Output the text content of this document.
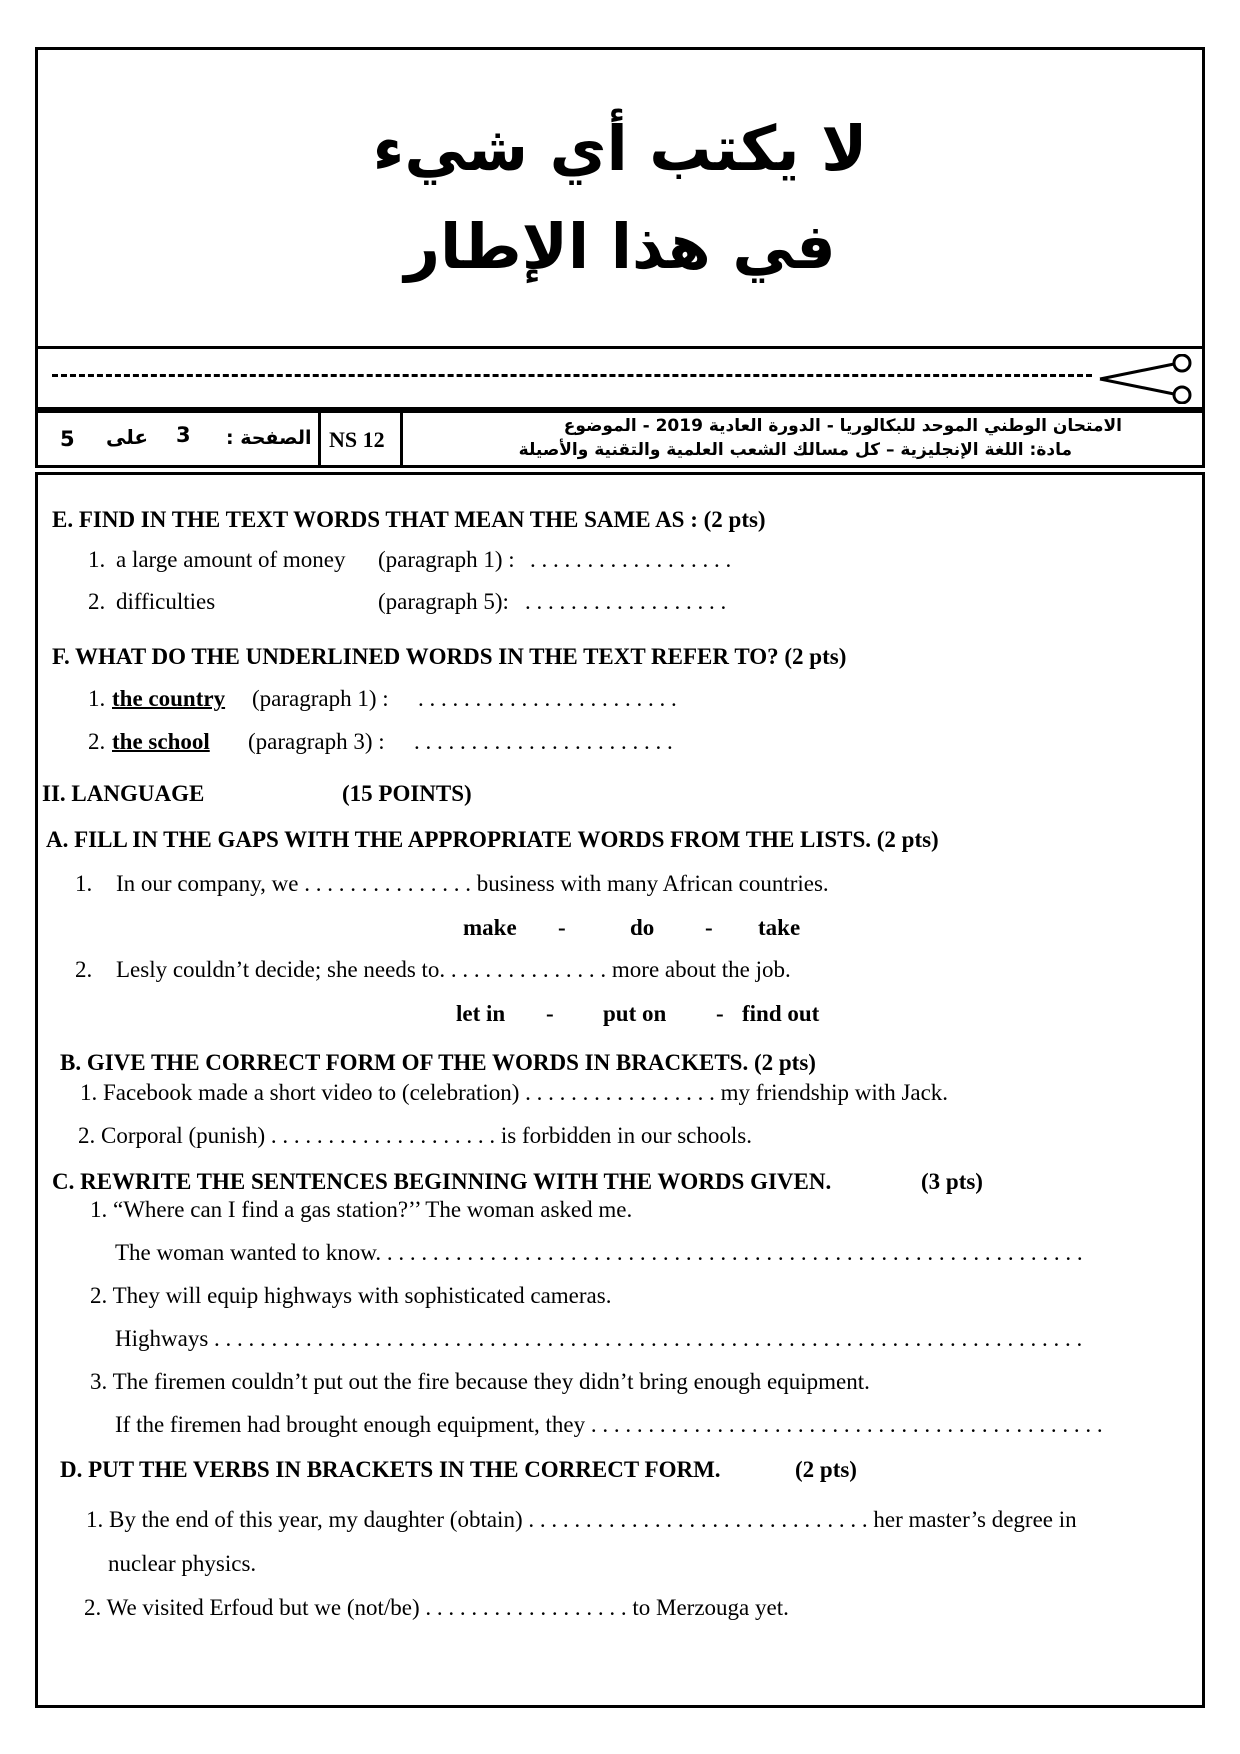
لا يكتب أي شيء
في هذا الإطار
5 على 3 الصفحة : NS 12
الامتحان الوطني الموحد للبكالوريا - الدورة العادية 2019 - الموضوع
مادة: اللغة الإنجليزية – كل مسالك الشعب العلمية والتقنية والأصيلة
E. FIND IN THE TEXT WORDS THAT MEAN THE SAME AS : (2 pts)
1. a large amount of money (paragraph 1) : . . . . . . . . . . . . . . . . . .
2. difficulties	(paragraph 5): . . . . . . . . . . . . . . . . . .
F. WHAT DO THE UNDERLINED WORDS IN THE TEXT REFER TO? (2 pts)
1. the country (paragraph 1) : . . . . . . . . . . . . . . . . . . . . . . .
2. the school (paragraph 3) : . . . . . . . . . . . . . . . . . . . . . . .
II. LANGUAGE	(15 POINTS)
A. FILL IN THE GAPS WITH THE APPROPRIATE WORDS FROM THE LISTS. (2 pts)
1. In our company, we . . . . . . . . . . . . . . . business with many African countries.
make -	do - take
2. Lesly couldn’t decide; she needs to. . . . . . . . . . . . . . . more about the job.
let in - put on - find out
B. GIVE THE CORRECT FORM OF THE WORDS IN BRACKETS. (2 pts)
1. Facebook made a short video to (celebration) . . . . . . . . . . . . . . . . . my friendship with Jack.
2. Corporal (punish) . . . . . . . . . . . . . . . . . . . . is forbidden in our schools.
C. REWRITE THE SENTENCES BEGINNING WITH THE WORDS GIVEN.	(3 pts)
1. “Where can I find a gas station?’’ The woman asked me.
The woman wanted to know. . . . . . . . . . . . . . . . . . . . . . . . . . . . . . . . . . . . . . . . . . . . . . . . . . . . . . . . . . . . . .
2. They will equip highways with sophisticated cameras.
Highways . . . . . . . . . . . . . . . . . . . . . . . . . . . . . . . . . . . . . . . . . . . . . . . . . . . . . . . . . . . . . . . . . . . . . . . . . . . .
3. The firemen couldn’t put out the fire because they didn’t bring enough equipment.
If the firemen had brought enough equipment, they . . . . . . . . . . . . . . . . . . . . . . . . . . . . . . . . . . . . . . . . . . . . .
D. PUT THE VERBS IN BRACKETS IN THE CORRECT FORM.	(2 pts)
1. By the end of this year, my daughter (obtain) . . . . . . . . . . . . . . . . . . . . . . . . . . . . . . her master’s degree in
nuclear physics.
2. We visited Erfoud but we (not/be) . . . . . . . . . . . . . . . . . . to Merzouga yet.
